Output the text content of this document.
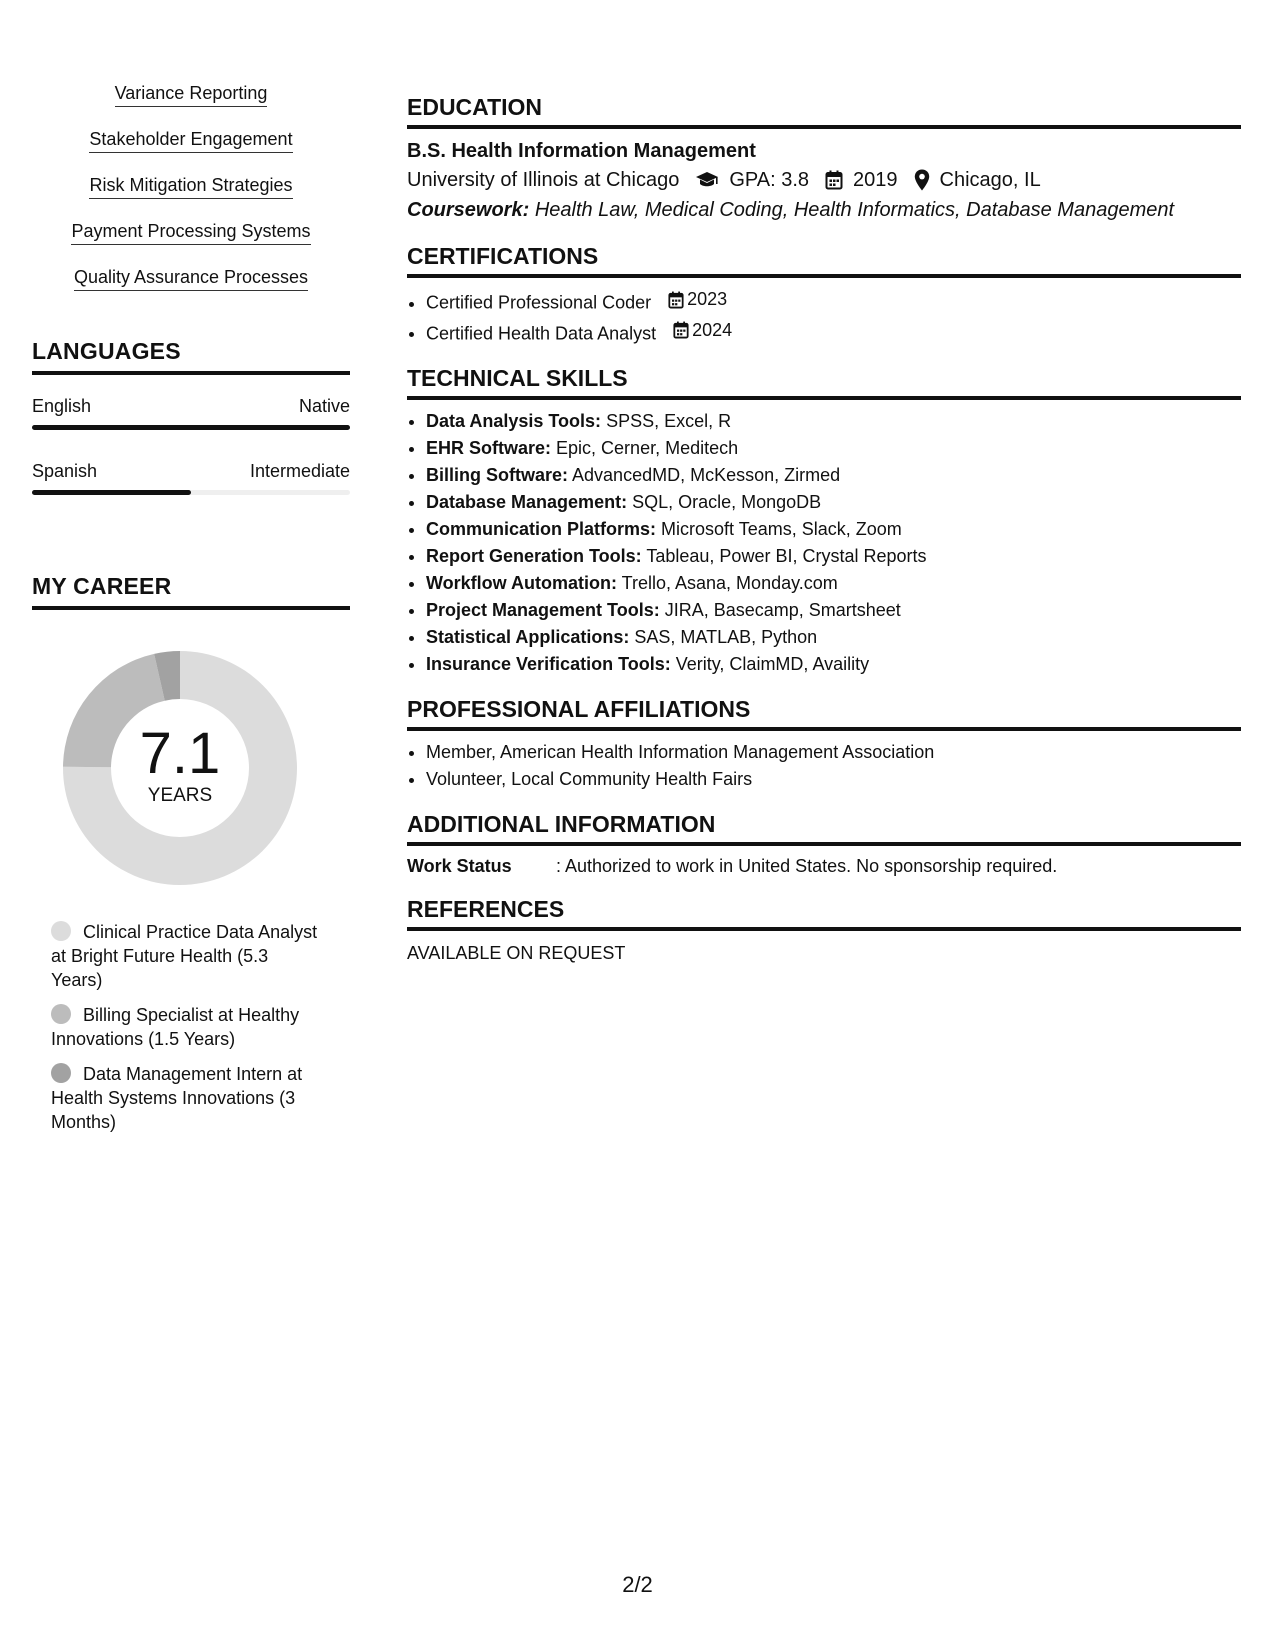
Variance Reporting
Stakeholder Engagement
Risk Mitigation Strategies
Payment Processing Systems
Quality Assurance Processes
LANGUAGES
English	Native
Spanish	Intermediate
MY CAREER
7.1
YEARS
Clinical Practice Data Analyst at Bright Future Health (5.3 Years)
Billing Specialist at Healthy Innovations (1.5 Years)
Data Management Intern at Health Systems Innovations (3 Months)
EDUCATION
B.S. Health Information Management
University of Illinois at Chicago	GPA: 3.8 2019 Chicago, IL
Coursework: Health Law, Medical Coding, Health Informatics, Database Management
CERTIFICATIONS
• Certified Professional Coder 2023
• Certified Health Data Analyst 2024
TECHNICAL SKILLS
• Data Analysis Tools: SPSS, Excel, R
• EHR Software: Epic, Cerner, Meditech
• Billing Software: AdvancedMD, McKesson, Zirmed
• Database Management: SQL, Oracle, MongoDB
• Communication Platforms: Microsoft Teams, Slack, Zoom
• Report Generation Tools: Tableau, Power BI, Crystal Reports
• Workflow Automation: Trello, Asana, Monday.com
• Project Management Tools: JIRA, Basecamp, Smartsheet
• Statistical Applications: SAS, MATLAB, Python
• Insurance Verification Tools: Verity, ClaimMD, Availity
PROFESSIONAL AFFILIATIONS
• Member, American Health Information Management Association
• Volunteer, Local Community Health Fairs
ADDITIONAL INFORMATION
Work Status	: Authorized to work in United States. No sponsorship required.
REFERENCES
AVAILABLE ON REQUEST
2/2
